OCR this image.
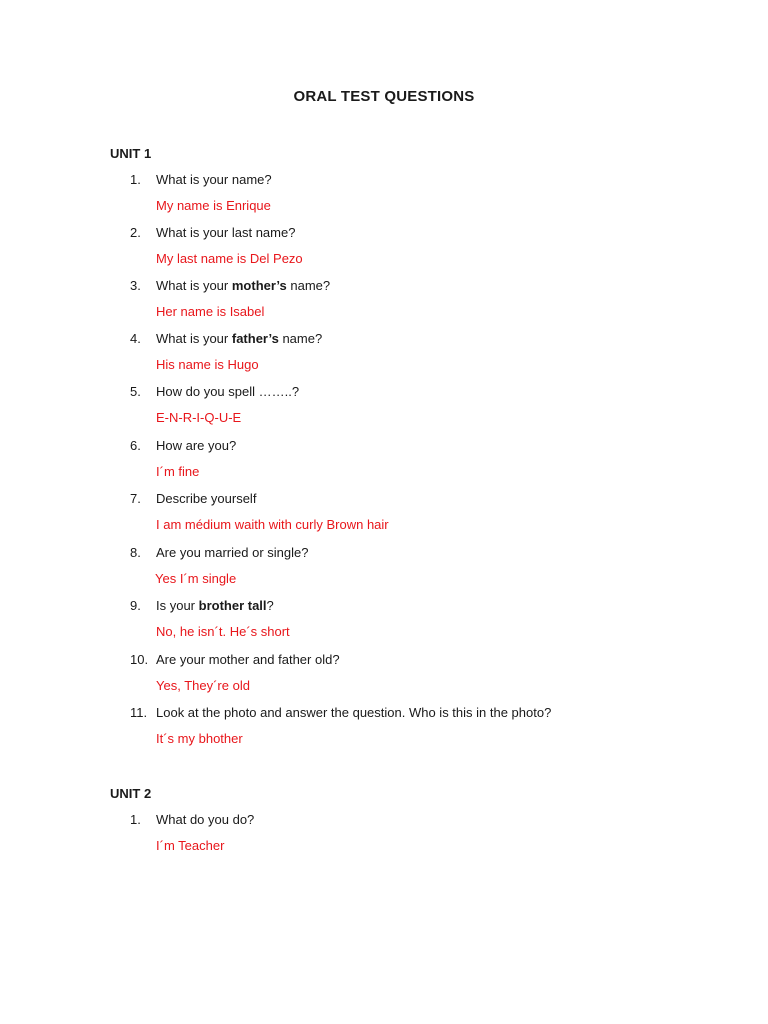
ORAL TEST QUESTIONS
UNIT 1
1.	What is your name?
My name is Enrique
2.	What is your last name?
My last name is Del Pezo
3.	What is your mother’s name?
Her name is Isabel
4.	What is your father’s name?
His name is Hugo
5.	How do you spell ……..?
E-N-R-I-Q-U-E
6.	How are you?
I´m fine
7.	Describe yourself
I am médium waith with curly Brown hair
8.	Are you married or single?
Yes I´m single
9.	Is your brother tall?
No, he isn´t. He´s short
10. Are your mother and father old?
Yes, They´re old
11. Look at the photo and answer the question. Who is this in the photo?
It´s my bhother
UNIT 2
1.	What do you do?
I´m Teacher
